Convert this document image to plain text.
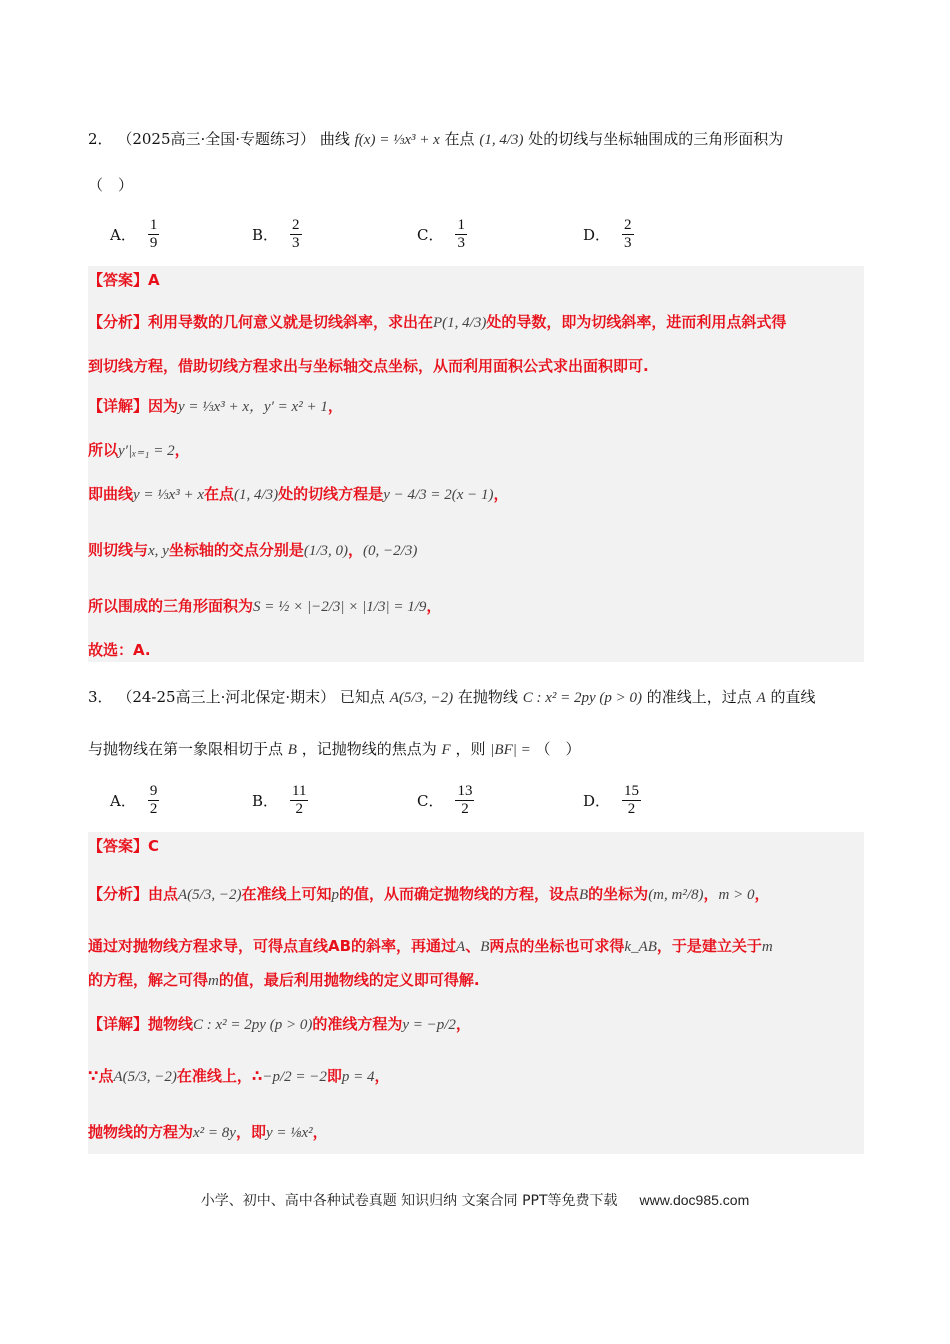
2． （2025高三·全国·专题练习） 曲线 f(x) = ⅓x³ + x 在点 (1, 4/3) 处的切线与坐标轴围成的三角形面积为
（　）
A． $\frac{1}{9}$	B． $\frac{2}{3}$	C． $\frac{1}{3}$	D． $\frac{2}{3}$
【答案】A
【分析】利用导数的几何意义就是切线斜率，求出在P(1, 4/3)处的导数，即为切线斜率，进而利用点斜式得
到切线方程，借助切线方程求出与坐标轴交点坐标，从而利用面积公式求出面积即可.
【详解】因为y = ⅓x³ + x，y′ = x² + 1，
所以y′|ₓ₌₁ = 2，
即曲线y = ⅓x³ + x在点(1, 4/3)处的切线方程是y − 4/3 = 2(x − 1)，
则切线与x, y坐标轴的交点分别是(1/3, 0)，(0, −2/3)
所以围成的三角形面积为S = ½ × |−2/3| × |1/3| = 1/9，
故选：A.
3． （24-25高三上·河北保定·期末） 已知点 A(5/3, −2) 在抛物线 C : x² = 2py (p > 0) 的准线上，过点 A 的直线
与抛物线在第一象限相切于点 B ，记抛物线的焦点为 F ，则 |BF| = （　）
A． $\frac{9}{2}$	B． $\frac{11}{2}$	C． $\frac{13}{2}$	D． $\frac{15}{2}$
【答案】C
【分析】由点A(5/3, −2)在准线上可知p的值，从而确定抛物线的方程，设点B的坐标为(m, m²/8)，m > 0，
通过对抛物线方程求导，可得点直线AB的斜率，再通过A、B两点的坐标也可求得k_AB，于是建立关于m
的方程，解之可得m的值，最后利用抛物线的定义即可得解.
【详解】抛物线C : x² = 2py (p > 0)的准线方程为y = −p/2，
∵点A(5/3, −2)在准线上，∴−p/2 = −2即p = 4，
抛物线的方程为x² = 8y，即y = ⅛x²，
小学、初中、高中各种试卷真题 知识归纳 文案合同 PPT等免费下载 www.doc985.com
